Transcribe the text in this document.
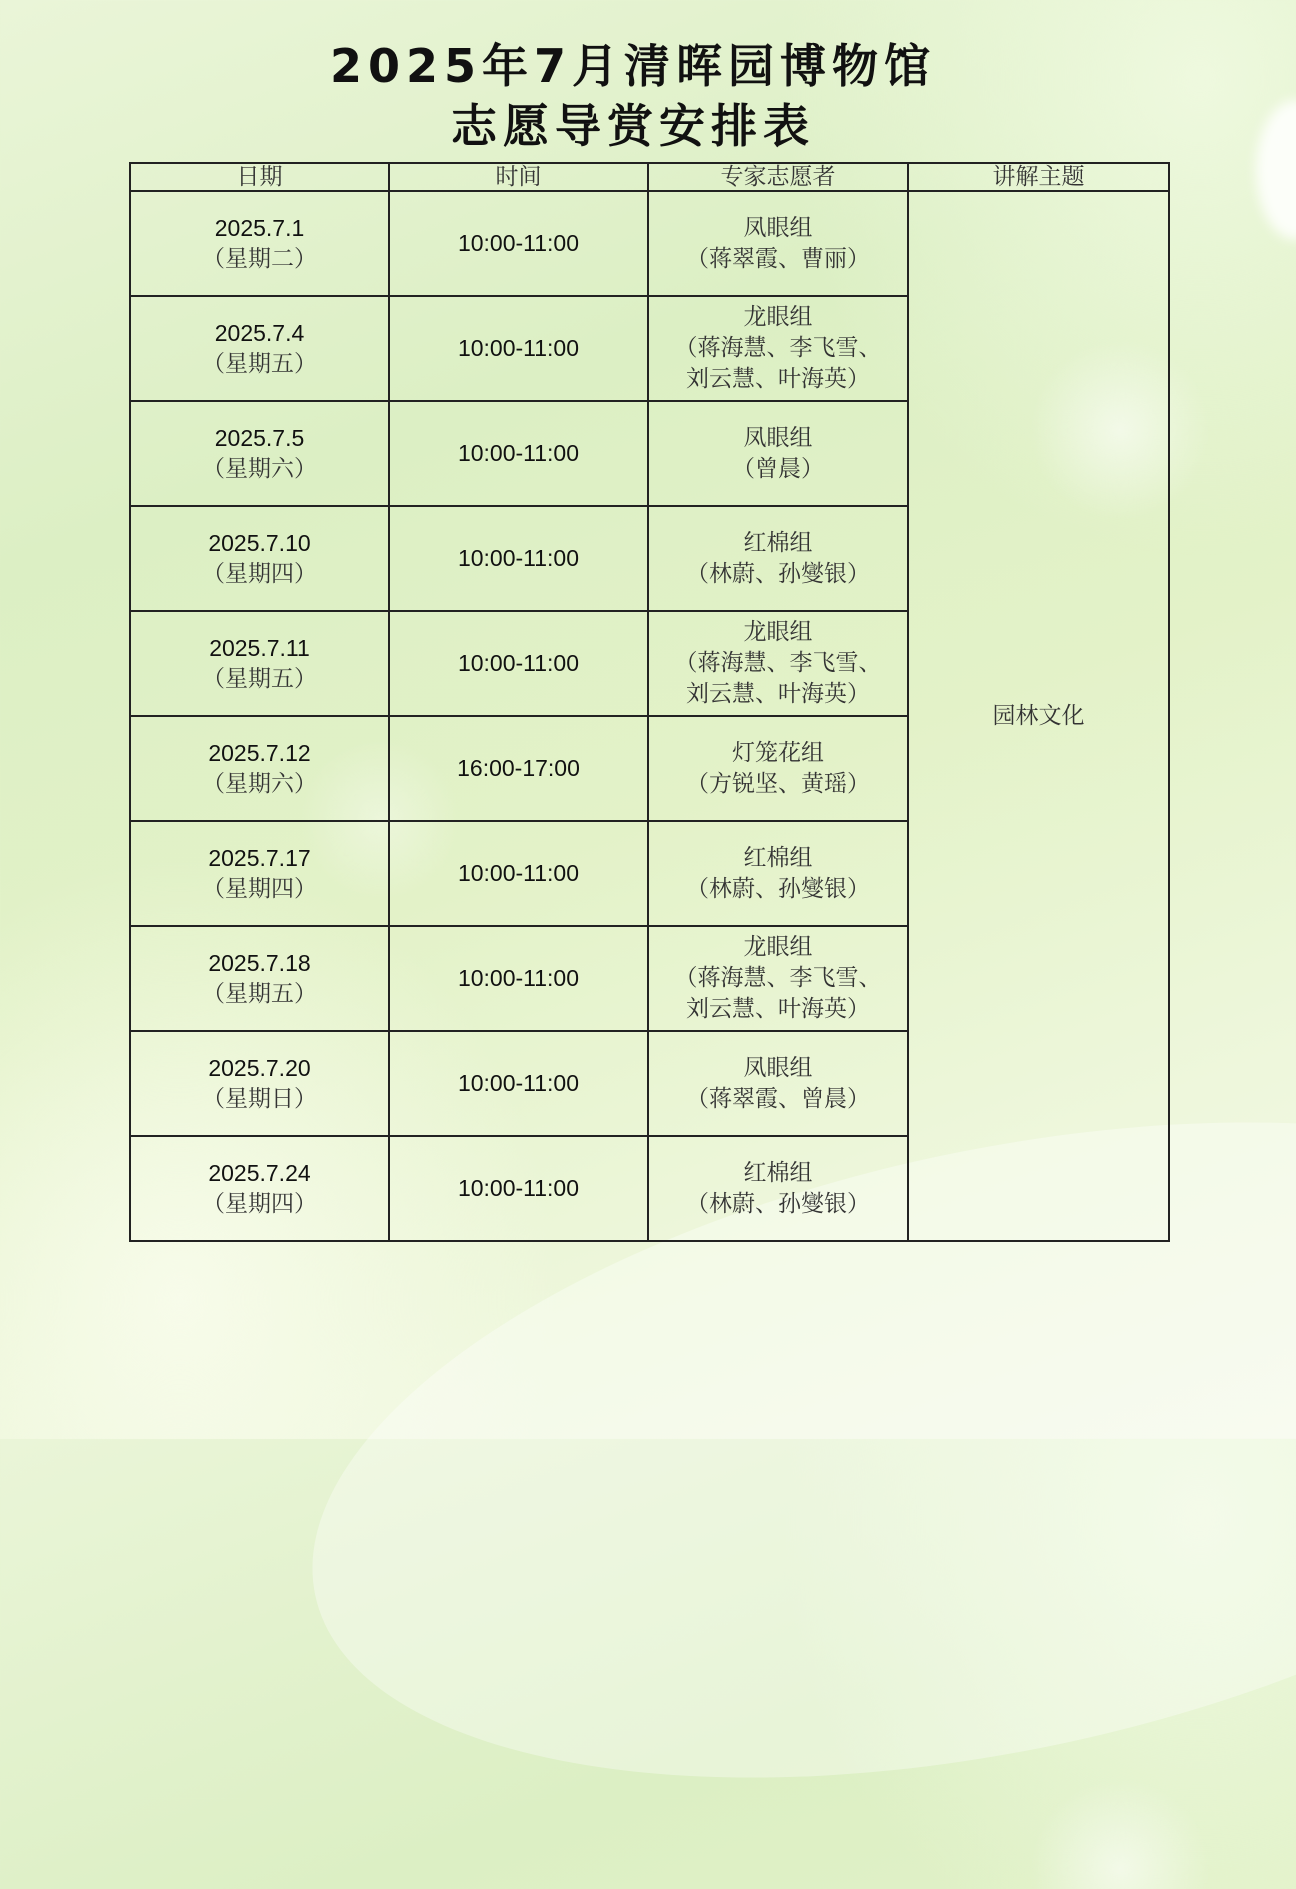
2025年7月清晖园博物馆
志愿导赏安排表
日期	时间	专家志愿者	讲解主题

2025.7.1
（星期二）	10:00-11:00	凤眼组
（蒋翠霞、曹丽）	园林文化

2025.7.4
（星期五）	10:00-11:00	龙眼组
（蒋海慧、李飞雪、
刘云慧、叶海英）	

2025.7.5
（星期六）	10:00-11:00	凤眼组
（曾晨）	

2025.7.10
（星期四）	10:00-11:00	红棉组
（林蔚、孙燮银）	

2025.7.11
（星期五）	10:00-11:00	龙眼组
（蒋海慧、李飞雪、
刘云慧、叶海英）	

2025.7.12
（星期六）	16:00-17:00	灯笼花组
（方锐坚、黄瑶）	

2025.7.17
（星期四）	10:00-11:00	红棉组
（林蔚、孙燮银）	

2025.7.18
（星期五）	10:00-11:00	龙眼组
（蒋海慧、李飞雪、
刘云慧、叶海英）	

2025.7.20
（星期日）	10:00-11:00	凤眼组
（蒋翠霞、曾晨）	

2025.7.24
（星期四）	10:00-11:00	红棉组
（林蔚、孙燮银）	
